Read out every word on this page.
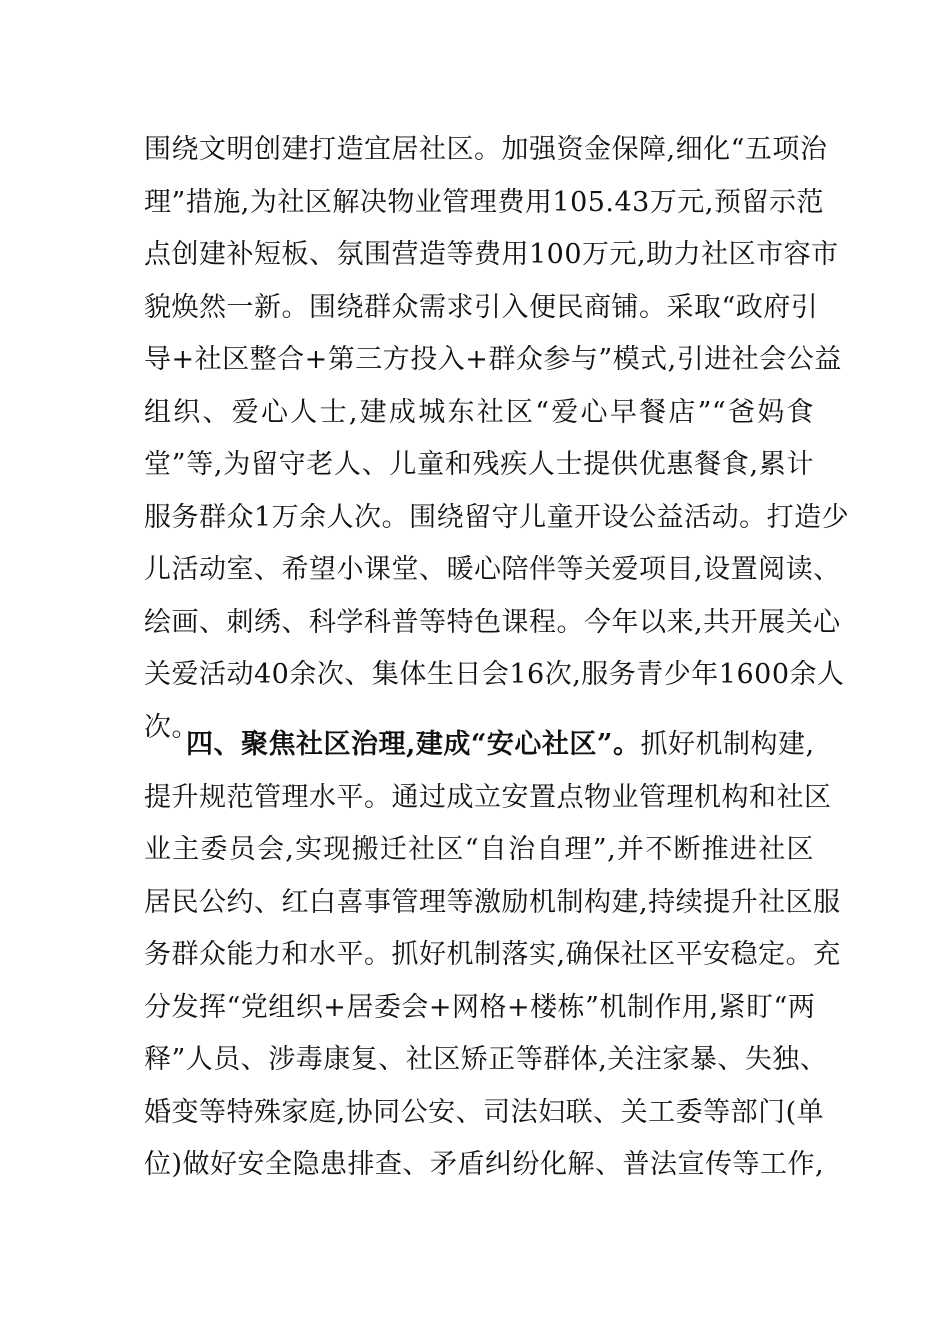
围绕文明创建打造宜居社区。加强资金保障,细化“五项治
理”措施,为社区解决物业管理费用105.43万元,预留示范
点创建补短板、氛围营造等费用100万元,助力社区市容市
貌焕然一新。围绕群众需求引入便民商铺。采取“政府引
导+社区整合+第三方投入+群众参与”模式,引进社会公益
组织、爱心人士,建成城东社区“爱心早餐店”“爸妈食
堂”等,为留守老人、儿童和残疾人士提供优惠餐食,累计
服务群众1万余人次。围绕留守儿童开设公益活动。打造少
儿活动室、希望小课堂、暖心陪伴等关爱项目,设置阅读、
绘画、刺绣、科学科普等特色课程。今年以来,共开展关心
关爱活动40余次、集体生日会16次,服务青少年1600余人
次。
四、聚焦社区治理,建成“安心社区”。抓好机制构建,
提升规范管理水平。通过成立安置点物业管理机构和社区
业主委员会,实现搬迁社区“自治自理”,并不断推进社区
居民公约、红白喜事管理等激励机制构建,持续提升社区服
务群众能力和水平。抓好机制落实,确保社区平安稳定。充
分发挥“党组织+居委会+网格+楼栋”机制作用,紧盯“两
释”人员、涉毒康复、社区矫正等群体,关注家暴、失独、
婚变等特殊家庭,协同公安、司法妇联、关工委等部门(单
位)做好安全隐患排查、矛盾纠纷化解、普法宣传等工作,
